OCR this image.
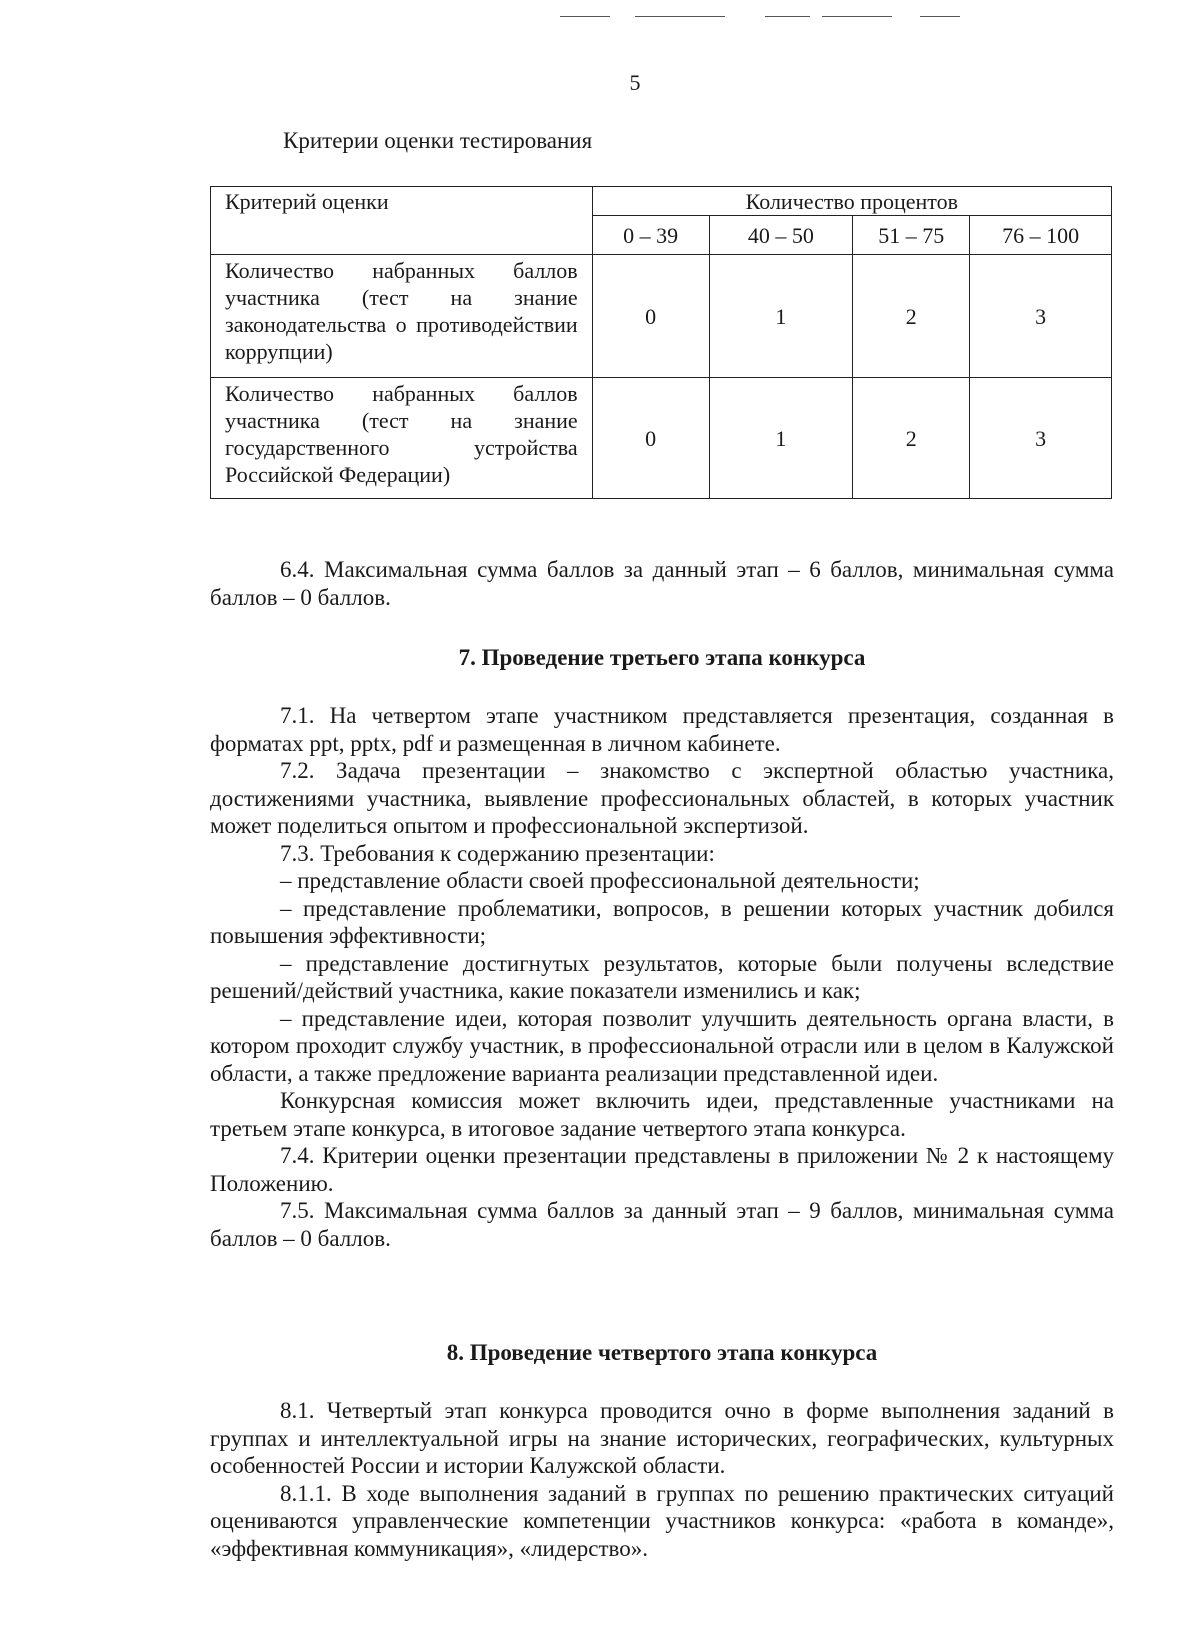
5
Критерии оценки тестирования
Критерий оценки	Количество процентов			
	0 – 39	40 – 50	51 – 75	76 – 100

Количество набранных баллов
участника (тест на знание
законодательства о противодействии
коррупции)	0	1	2	3

Количество набранных баллов
участника (тест на знание
государственного устройства
Российской Федерации)	0	1	2	3

6.4. Максимальная сумма баллов за данный этап – 6 баллов, минимальная сумма баллов – 0 баллов.

7. Проведение третьего этапа конкурса

7.1. На четвертом этапе участником представляется презентация, созданная в форматах ppt, pptx, pdf и размещенная в личном кабинете.

7.2. Задача презентации – знакомство с экспертной областью участника, достижениями участника, выявление профессиональных областей, в которых участник может поделиться опытом и профессиональной экспертизой.

7.3. Требования к содержанию презентации:

– представление области своей профессиональной деятельности;

– представление проблематики, вопросов, в решении которых участник добился повышения эффективности;

– представление достигнутых результатов, которые были получены вследствие решений/действий участника, какие показатели изменились и как;

– представление идеи, которая позволит улучшить деятельность органа власти, в котором проходит службу участник, в профессиональной отрасли или в целом в Калужской области, а также предложение варианта реализации представленной идеи.

Конкурсная комиссия может включить идеи, представленные участниками на третьем этапе конкурса, в итоговое задание четвертого этапа конкурса.

7.4. Критерии оценки презентации представлены в приложении № 2 к настоящему Положению.

7.5. Максимальная сумма баллов за данный этап – 9 баллов, минимальная сумма баллов – 0 баллов.

8. Проведение четвертого этапа конкурса

8.1. Четвертый этап конкурса проводится очно в форме выполнения заданий в группах и интеллектуальной игры на знание исторических, географических, культурных особенностей России и истории Калужской области.

8.1.1. В ходе выполнения заданий в группах по решению практических ситуаций оцениваются управленческие компетенции участников конкурса: «работа в команде», «эффективная коммуникация», «лидерство».
